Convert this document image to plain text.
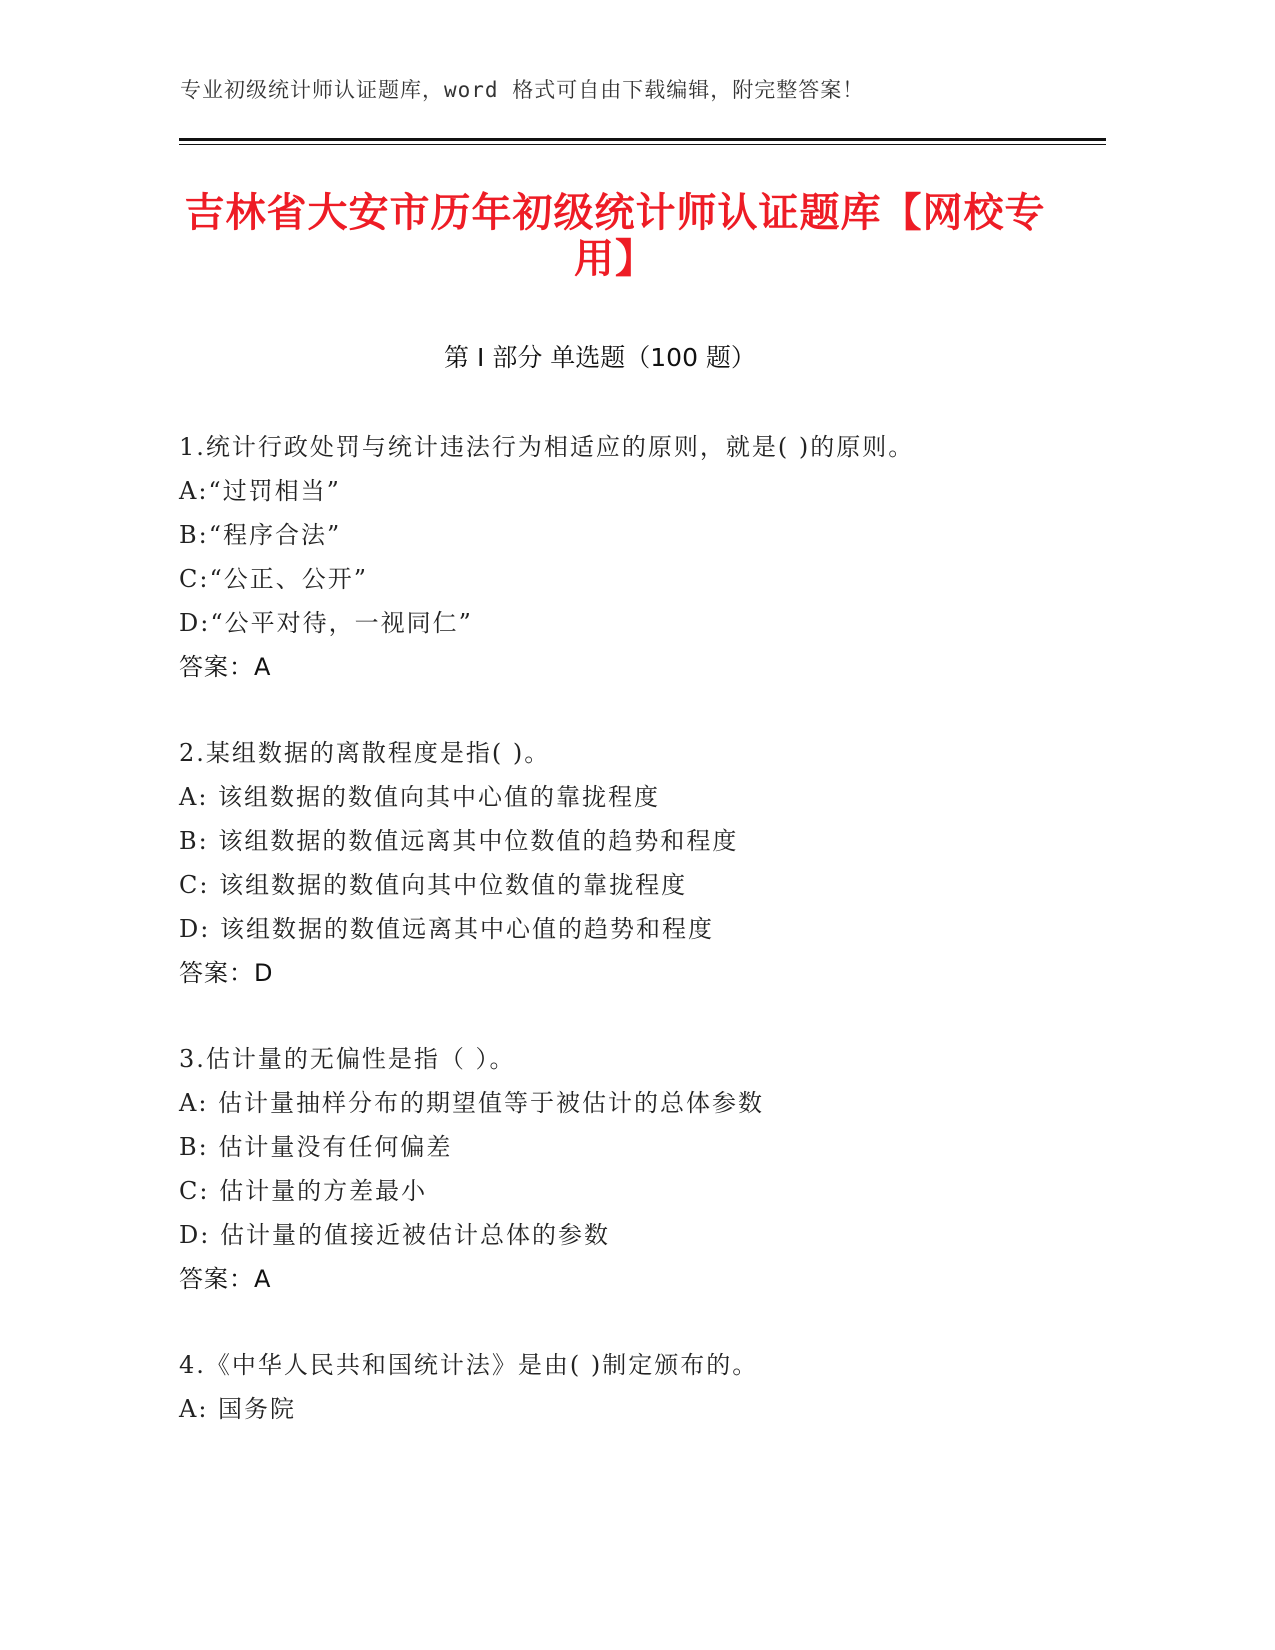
专业初级统计师认证题库，word 格式可自由下载编辑，附完整答案！
吉林省大安市历年初级统计师认证题库【网校专用】
第 I 部分 单选题（100 题）
1.统计行政处罚与统计违法行为相适应的原则，就是( )的原则。
A:“过罚相当”
B:“程序合法”
C:“公正、公开”
D:“公平对待，一视同仁”
答案：A
2.某组数据的离散程度是指( )。
A: 该组数据的数值向其中心值的靠拢程度
B: 该组数据的数值远离其中位数值的趋势和程度
C: 该组数据的数值向其中位数值的靠拢程度
D: 该组数据的数值远离其中心值的趋势和程度
答案：D
3.估计量的无偏性是指（ ）。
A: 估计量抽样分布的期望值等于被估计的总体参数
B: 估计量没有任何偏差
C: 估计量的方差最小
D: 估计量的值接近被估计总体的参数
答案：A
4.《中华人民共和国统计法》是由( )制定颁布的。
A: 国务院
